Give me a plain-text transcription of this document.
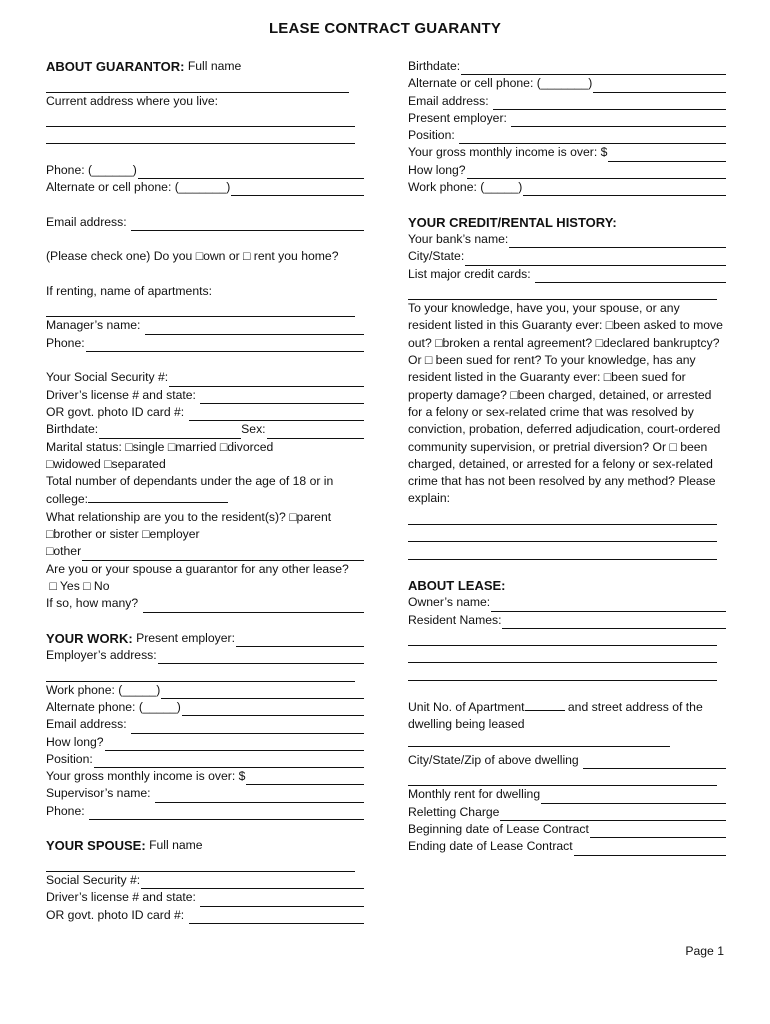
LEASE CONTRACT GUARANTY
ABOUT GUARANTOR:
Full name
Current address where you live:
Phone: (______)
Alternate or cell phone: (_______)
Email address:

(Please check one) Do you □own or □ rent you home?
If renting, name of apartments:
Manager’s name:

Phone:
Your Social Security #:
Driver’s license # and state:

OR govt. photo ID card #:

Birthdate:	Sex:
Marital status: □single □married □divorced
□widowed □separated
Total number of dependants under the age of 18 or in college:
What relationship are you to the resident(s)? □parent
□brother or sister □employer
□other
Are you or your spouse a guarantor for any other lease?

□ Yes □ No
If so, how many?

YOUR WORK:
Present employer:
Employer’s address:
Work phone: (_____)
Alternate phone: (_____)
Email address:

How long?
Position:
Your gross monthly income is over: $
Supervisor’s name:

Phone:

YOUR SPOUSE:
Full name
Social Security #:
Driver’s license # and state:

OR govt. photo ID card #:

Birthdate:
Alternate or cell phone: (_______)
Email address:

Present employer:

Position:

Your gross monthly income is over: $
How long?
Work phone: (_____)
YOUR CREDIT/RENTAL HISTORY:
Your bank’s name:
City/State:
List major credit cards:

To your knowledge, have you, your spouse, or any resident listed in this Guaranty ever: □been asked to move out? □broken a rental agreement? □declared bankruptcy? Or □ been sued for rent? To your knowledge, has any resident listed in the Guaranty ever: □been sued for property damage? □been charged, detained, or arrested for a felony or sex-related crime that was resolved by conviction, probation, deferred adjudication, court-ordered community supervision, or pretrial diversion? Or □ been charged, detained, or arrested for a felony or sex-related crime that has not been resolved by any method? Please explain:
ABOUT LEASE:
Owner’s name:
Resident Names:
Unit No. of Apartment	and street address of the dwelling being leased
City/State/Zip of above dwelling

Monthly rent for dwelling
Reletting Charge
Beginning date of Lease Contract
Ending date of Lease Contract
Page 1
